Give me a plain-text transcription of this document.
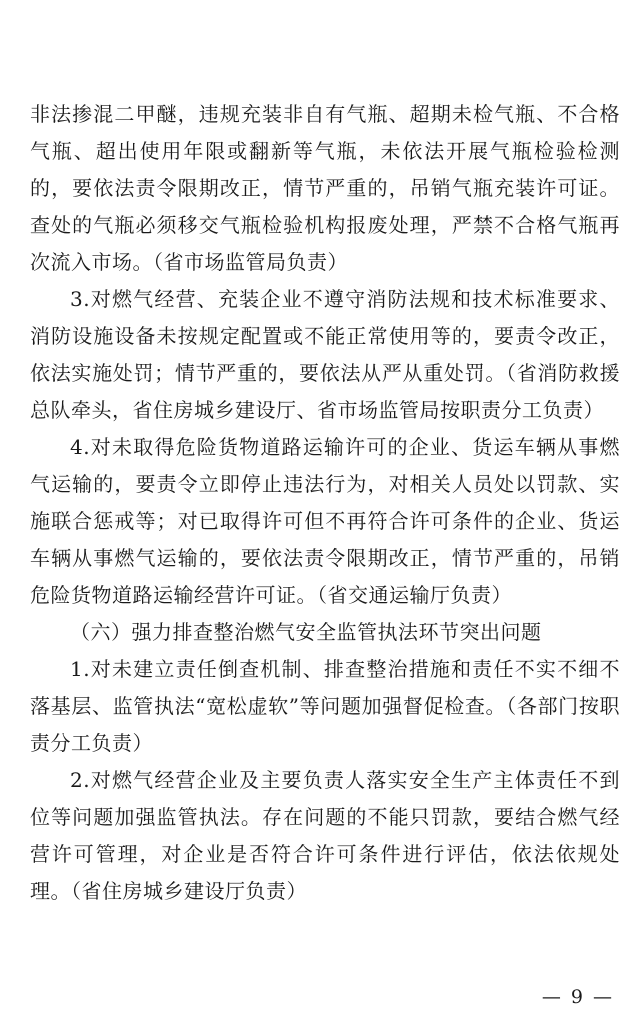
非法掺混二甲醚，违规充装非自有气瓶、超期未检气瓶、不合格气瓶、超出使用年限或翻新等气瓶，未依法开展气瓶检验检测的，要依法责令限期改正，情节严重的，吊销气瓶充装许可证。查处的气瓶必须移交气瓶检验机构报废处理，严禁不合格气瓶再次流入市场。（省市场监管局负责）

3.对燃气经营、充装企业不遵守消防法规和技术标准要求、消防设施设备未按规定配置或不能正常使用等的，要责令改正，依法实施处罚；情节严重的，要依法从严从重处罚。（省消防救援总队牵头，省住房城乡建设厅、省市场监管局按职责分工负责）

4.对未取得危险货物道路运输许可的企业、货运车辆从事燃气运输的，要责令立即停止违法行为，对相关人员处以罚款、实施联合惩戒等；对已取得许可但不再符合许可条件的企业、货运车辆从事燃气运输的，要依法责令限期改正，情节严重的，吊销危险货物道路运输经营许可证。（省交通运输厅负责）

（六）强力排查整治燃气安全监管执法环节突出问题

1.对未建立责任倒查机制、排查整治措施和责任不实不细不落基层、监管执法“宽松虚软”等问题加强督促检查。（各部门按职责分工负责）

2.对燃气经营企业及主要负责人落实安全生产主体责任不到位等问题加强监管执法。存在问题的不能只罚款，要结合燃气经营许可管理，对企业是否符合许可条件进行评估，依法依规处理。（省住房城乡建设厅负责）

— 9 —
